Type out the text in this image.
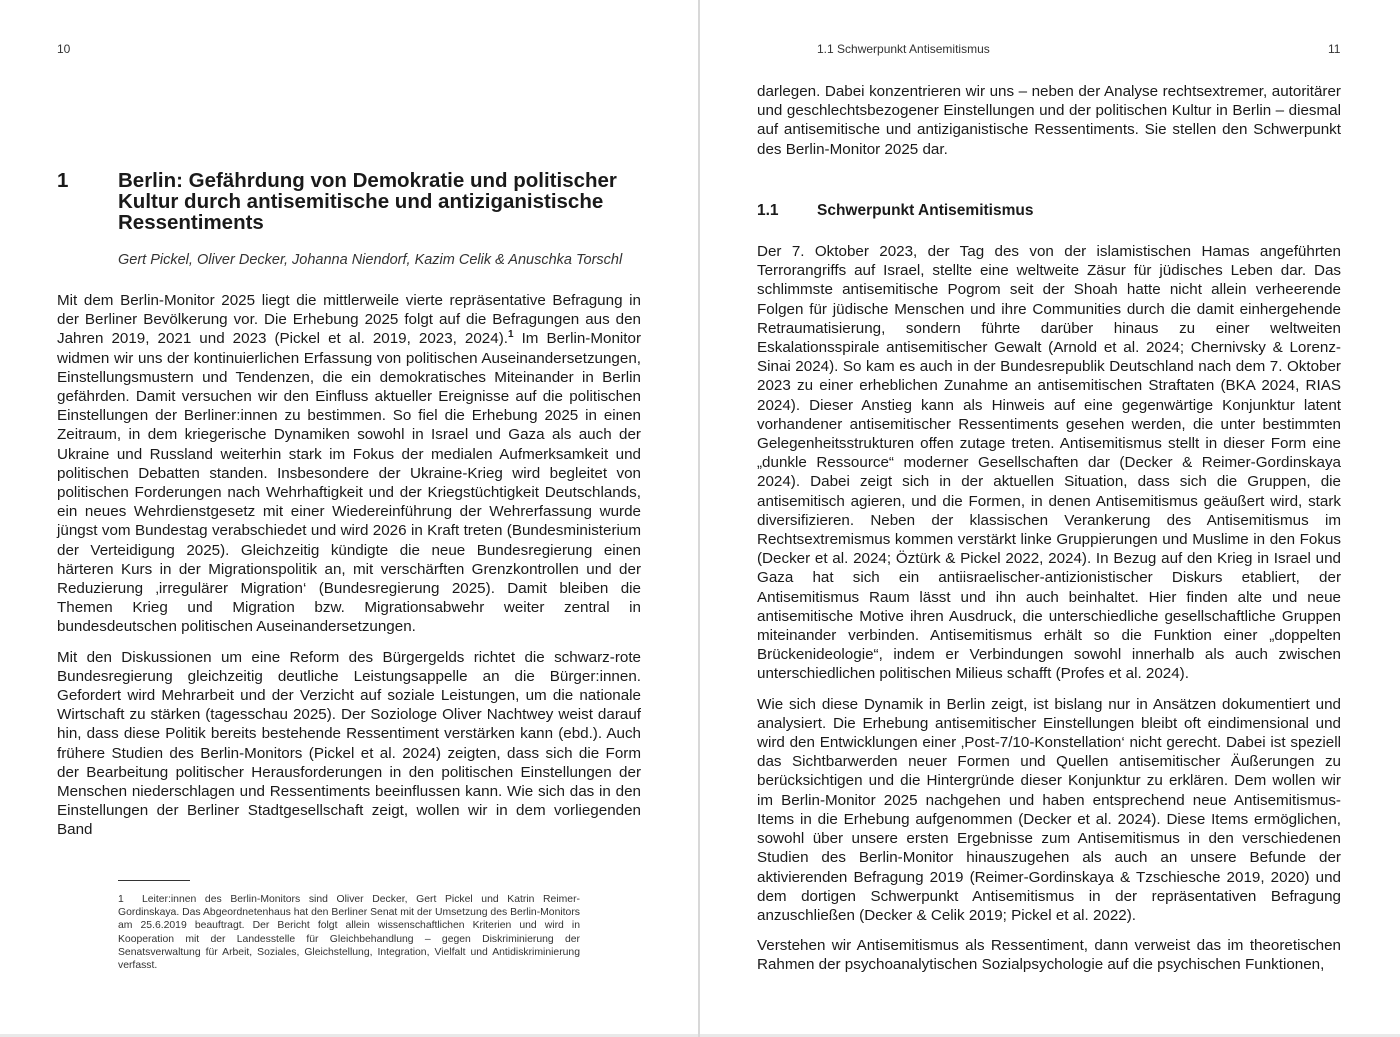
10
1 Berlin: Gefährdung von Demokratie und politischer Kultur durch antisemitische und antiziganistische Ressentiments
Gert Pickel, Oliver Decker, Johanna Niendorf, Kazim Celik & Anuschka Torschl

Mit dem Berlin-Monitor 2025 liegt die mittlerweile vierte repräsentative Befragung in der Berliner Bevölkerung vor. Die Erhebung 2025 folgt auf die Befragungen aus den Jahren 2019, 2021 und 2023 (Pickel et al. 2019, 2023, 2024).$^1$ Im Berlin-Monitor widmen wir uns der kontinuierlichen Erfassung von politischen Auseinandersetzungen, Einstellungsmustern und Tendenzen, die ein demokratisches Miteinander in Berlin gefährden. Damit versuchen wir den Einfluss aktueller Ereignisse auf die politischen Einstellungen der Berliner:innen zu bestimmen. So fiel die Erhebung 2025 in einen Zeitraum, in dem kriegerische Dynamiken sowohl in Israel und Gaza als auch der Ukraine und Russland weiterhin stark im Fokus der medialen Aufmerksamkeit und politischen Debatten standen. Insbesondere der Ukraine-Krieg wird begleitet von politischen Forderungen nach Wehrhaftigkeit und der Kriegstüchtigkeit Deutschlands, ein neues Wehrdienstgesetz mit einer Wiedereinführung der Wehrerfassung wurde jüngst vom Bundestag verabschiedet und wird 2026 in Kraft treten (Bundesministerium der Verteidigung 2025). Gleichzeitig kündigte die neue Bundesregierung einen härteren Kurs in der Migrationspolitik an, mit verschärften Grenzkontrollen und der Reduzierung ‚irregulärer Migration‘ (Bundesregierung 2025). Damit bleiben die Themen Krieg und Migration bzw. Migrationsabwehr weiter zentral in bundesdeutschen politischen Auseinandersetzungen.

Mit den Diskussionen um eine Reform des Bürgergelds richtet die schwarz-rote Bundesregierung gleichzeitig deutliche Leistungsappelle an die Bürger:innen. Gefordert wird Mehrarbeit und der Verzicht auf soziale Leistungen, um die nationale Wirtschaft zu stärken (tagesschau 2025). Der Soziologe Oliver Nachtwey weist darauf hin, dass diese Politik bereits bestehende Ressentiment verstärken kann (ebd.). Auch frühere Studien des Berlin-Monitors (Pickel et al. 2024) zeigten, dass sich die Form der Bearbeitung politischer Herausforderungen in den politischen Einstellungen der Menschen niederschlagen und Ressentiments beeinflussen kann. Wie sich das in den Einstellungen der Berliner Stadtgesellschaft zeigt, wollen wir in dem vorliegenden Band

1 Leiter:innen des Berlin-Monitors sind Oliver Decker, Gert Pickel und Katrin Reimer-Gordinskaya. Das Abgeordnetenhaus hat den Berliner Senat mit der Umsetzung des Berlin-Monitors am 25.6.2019 beauftragt. Der Bericht folgt allein wissenschaftlichen Kriterien und wird in Kooperation mit der Landesstelle für Gleichbehandlung – gegen Diskriminierung der Senatsverwaltung für Arbeit, Soziales, Gleichstellung, Integration, Vielfalt und Antidiskriminierung verfasst.
1.1 Schwerpunkt Antisemitismus	11

darlegen. Dabei konzentrieren wir uns – neben der Analyse rechtsextremer, autoritärer und geschlechtsbezogener Einstellungen und der politischen Kultur in Berlin – diesmal auf antisemitische und antiziganistische Ressentiments. Sie stellen den Schwerpunkt des Berlin-Monitor 2025 dar.

1.1 Schwerpunkt Antisemitismus

Der 7. Oktober 2023, der Tag des von der islamistischen Hamas angeführten Terrorangriffs auf Israel, stellte eine weltweite Zäsur für jüdisches Leben dar. Das schlimmste antisemitische Pogrom seit der Shoah hatte nicht allein verheerende Folgen für jüdische Menschen und ihre Communities durch die damit einhergehende Retraumatisierung, sondern führte darüber hinaus zu einer weltweiten Eskalationsspirale antisemitischer Gewalt (Arnold et al. 2024; Chernivsky & Lorenz-Sinai 2024). So kam es auch in der Bundesrepublik Deutschland nach dem 7. Oktober 2023 zu einer erheblichen Zunahme an antisemitischen Straftaten (BKA 2024, RIAS 2024). Dieser Anstieg kann als Hinweis auf eine gegenwärtige Konjunktur latent vorhandener antisemitischer Ressentiments gesehen werden, die unter bestimmten Gelegenheitsstrukturen offen zutage treten. Antisemitismus stellt in dieser Form eine „dunkle Ressource“ moderner Gesellschaften dar (Decker & Reimer-Gordinskaya 2024). Dabei zeigt sich in der aktuellen Situation, dass sich die Gruppen, die antisemitisch agieren, und die Formen, in denen Antisemitismus geäußert wird, stark diversifizieren. Neben der klassischen Verankerung des Antisemitismus im Rechtsextremismus kommen verstärkt linke Gruppierungen und Muslime in den Fokus (Decker et al. 2024; Öztürk & Pickel 2022, 2024). In Bezug auf den Krieg in Israel und Gaza hat sich ein antiisraelischer-antizionistischer Diskurs etabliert, der Antisemitismus Raum lässt und ihn auch beinhaltet. Hier finden alte und neue antisemitische Motive ihren Ausdruck, die unterschiedliche gesellschaftliche Gruppen miteinander verbinden. Antisemitismus erhält so die Funktion einer „doppelten Brückenideologie“, indem er Verbindungen sowohl innerhalb als auch zwischen unterschiedlichen politischen Milieus schafft (Profes et al. 2024).

Wie sich diese Dynamik in Berlin zeigt, ist bislang nur in Ansätzen dokumentiert und analysiert. Die Erhebung antisemitischer Einstellungen bleibt oft eindimensional und wird den Entwicklungen einer ‚Post-7/10-Konstellation‘ nicht gerecht. Dabei ist speziell das Sichtbarwerden neuer Formen und Quellen antisemitischer Äußerungen zu berücksichtigen und die Hintergründe dieser Konjunktur zu erklären. Dem wollen wir im Berlin-Monitor 2025 nachgehen und haben entsprechend neue Antisemitismus-Items in die Erhebung aufgenommen (Decker et al. 2024). Diese Items ermöglichen, sowohl über unsere ersten Ergebnisse zum Antisemitismus in den verschiedenen Studien des Berlin-Monitor hinauszugehen als auch an unsere Befunde der aktivierenden Befragung 2019 (Reimer-Gordinskaya & Tzschiesche 2019, 2020) und dem dortigen Schwerpunkt Antisemitismus in der repräsentativen Befragung anzuschließen (Decker & Celik 2019; Pickel et al. 2022).

Verstehen wir Antisemitismus als Ressentiment, dann verweist das im theoretischen Rahmen der psychoanalytischen Sozialpsychologie auf die psychischen Funktionen,
